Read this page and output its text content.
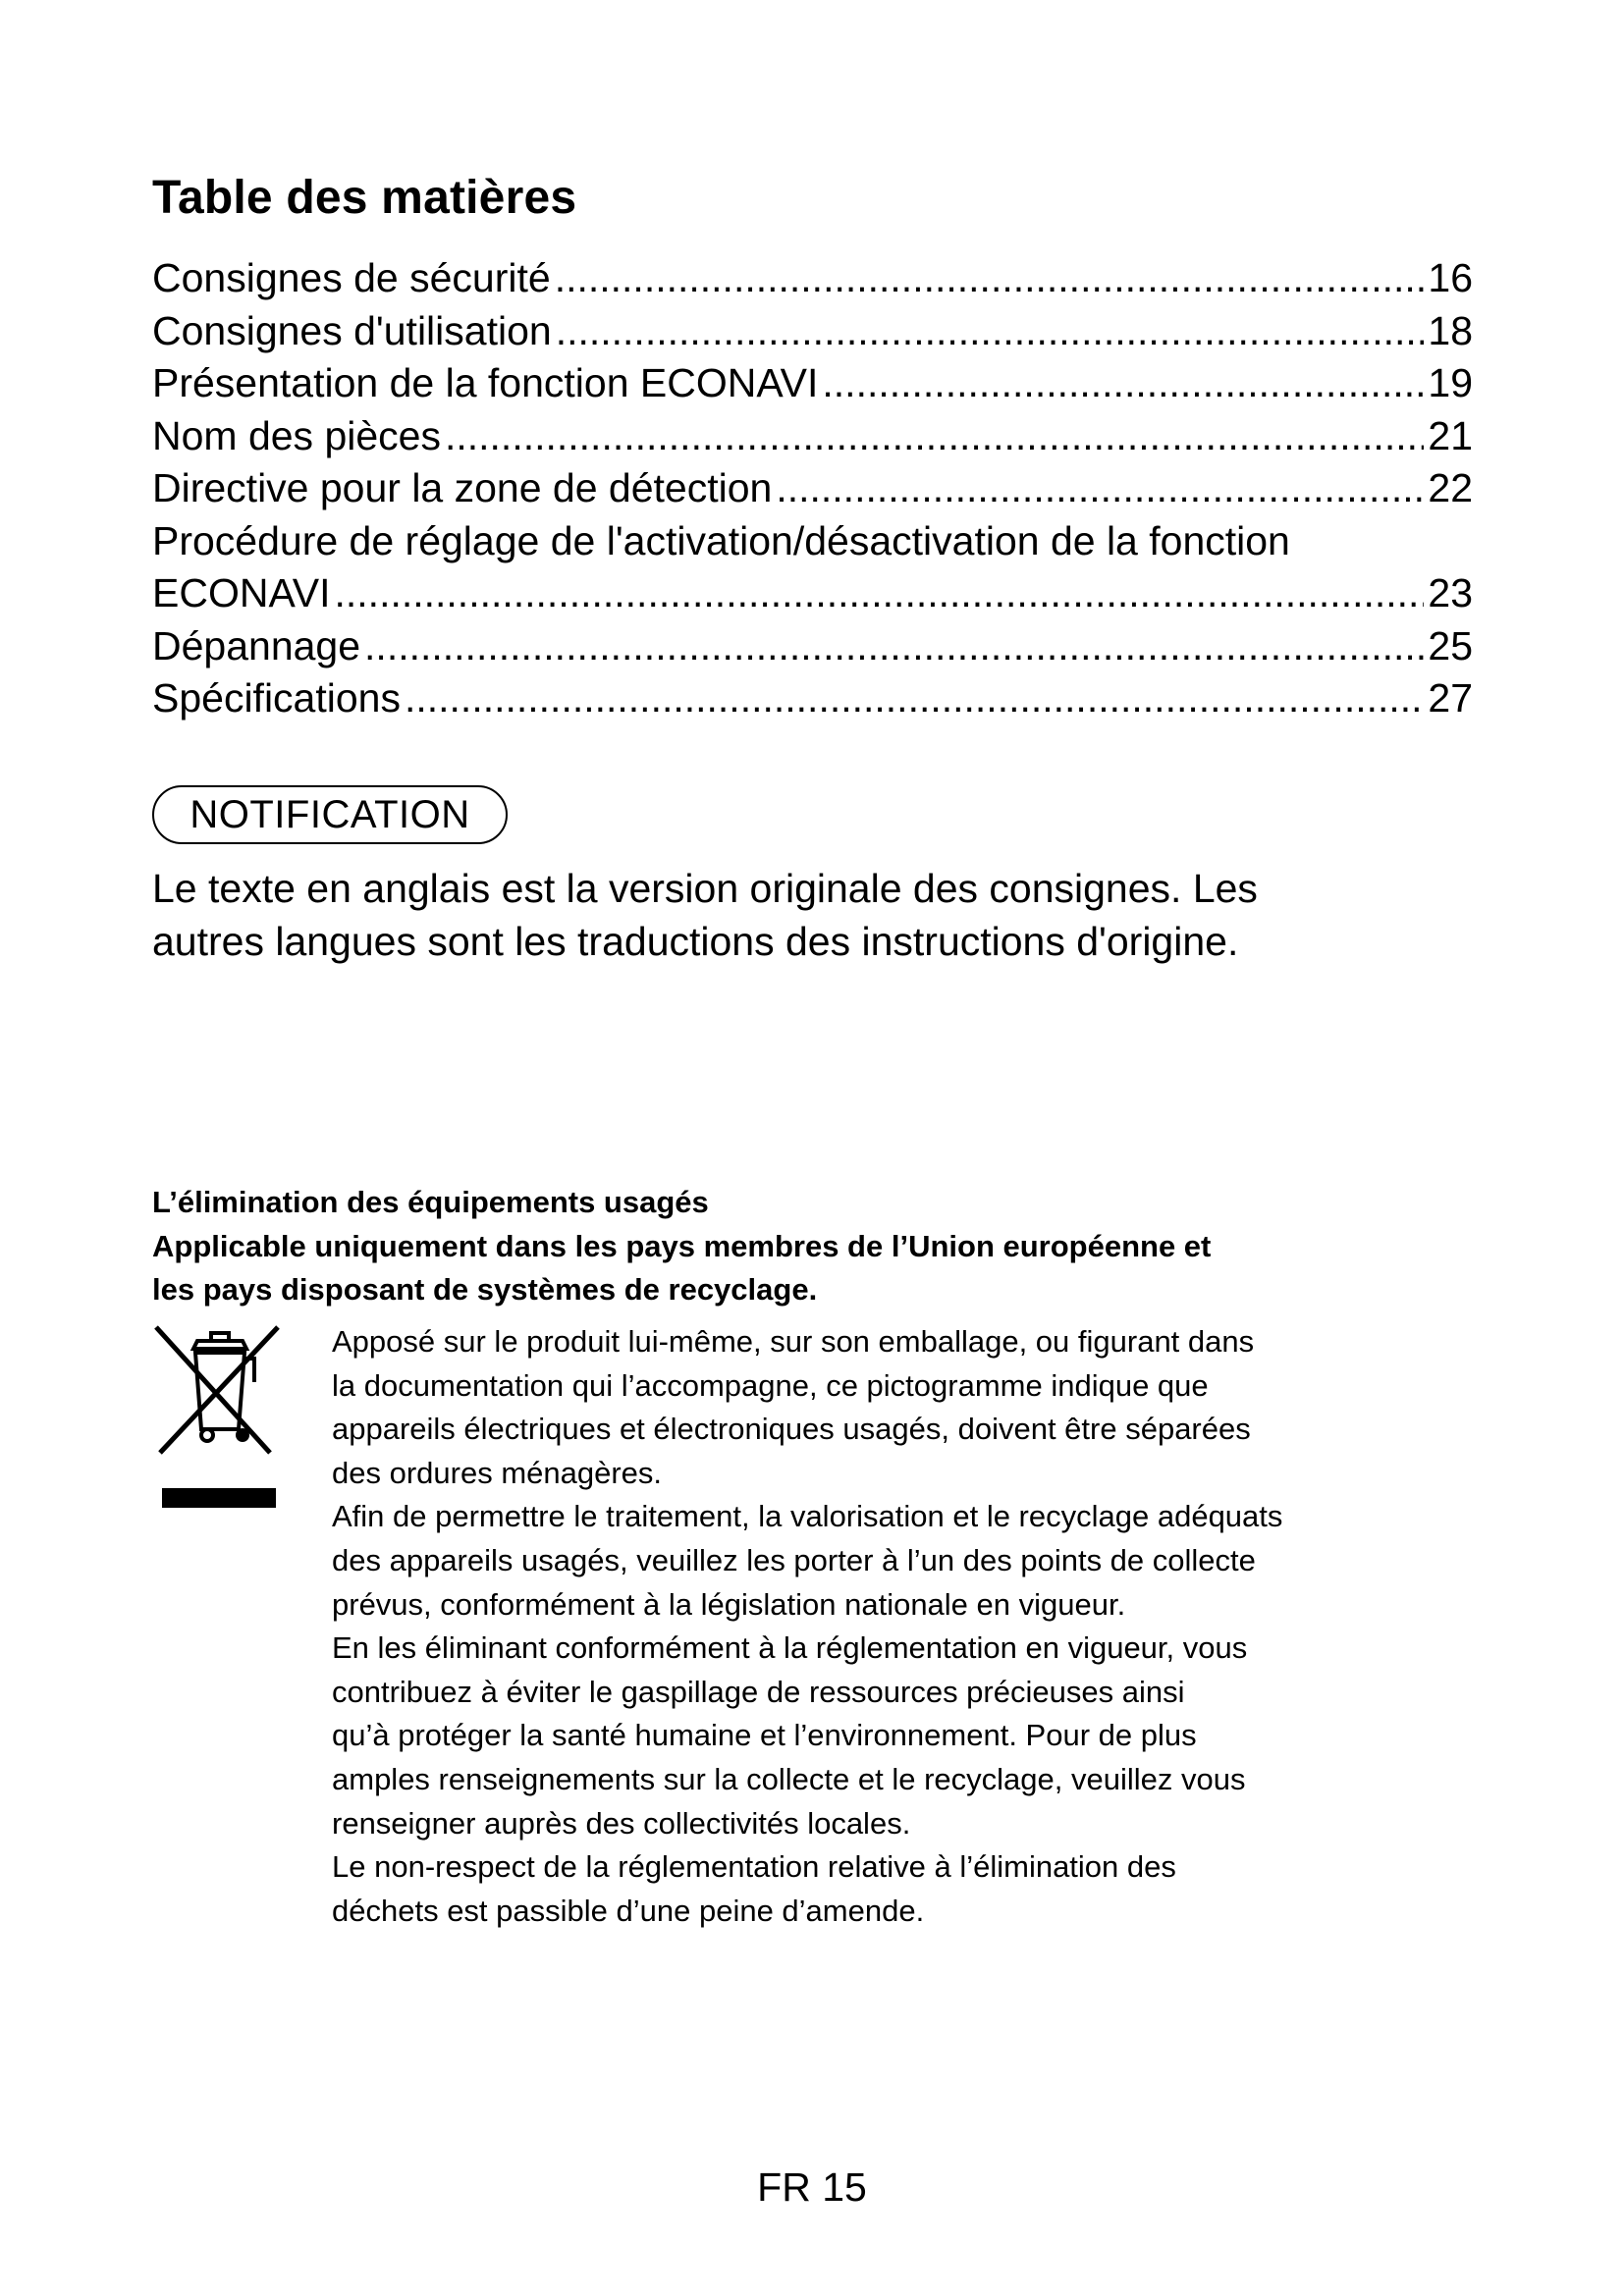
Table des matières
Consignes de sécurité .....	16
Consignes d'utilisation .....	18
Présentation de la fonction ECONAVI .....	19
Nom des pièces .....	21
Directive pour la zone de détection .....	22
Procédure de réglage de l'activation/désactivation de la fonction
ECONAVI .....	23
Dépannage .....	25
Spécifications .....	27
NOTIFICATION

Le texte en anglais est la version originale des consignes. Les
autres langues sont les traductions des instructions d'origine.

L’élimination des équipements usagés
Applicable uniquement dans les pays membres de l’Union européenne et
les pays disposant de systèmes de recyclage.
Apposé sur le produit lui-même, sur son emballage, ou figurant dans
la documentation qui l’accompagne, ce pictogramme indique que
appareils électriques et électroniques usagés, doivent être séparées
des ordures ménagères.
Afin de permettre le traitement, la valorisation et le recyclage adéquats
des appareils usagés, veuillez les porter à l’un des points de collecte
prévus, conformément à la législation nationale en vigueur.
En les éliminant conformément à la réglementation en vigueur, vous
contribuez à éviter le gaspillage de ressources précieuses ainsi
qu’à protéger la santé humaine et l’environnement. Pour de plus
amples renseignements sur la collecte et le recyclage, veuillez vous
renseigner auprès des collectivités locales.
Le non-respect de la réglementation relative à l’élimination des
déchets est passible d’une peine d’amende.
FR 15
